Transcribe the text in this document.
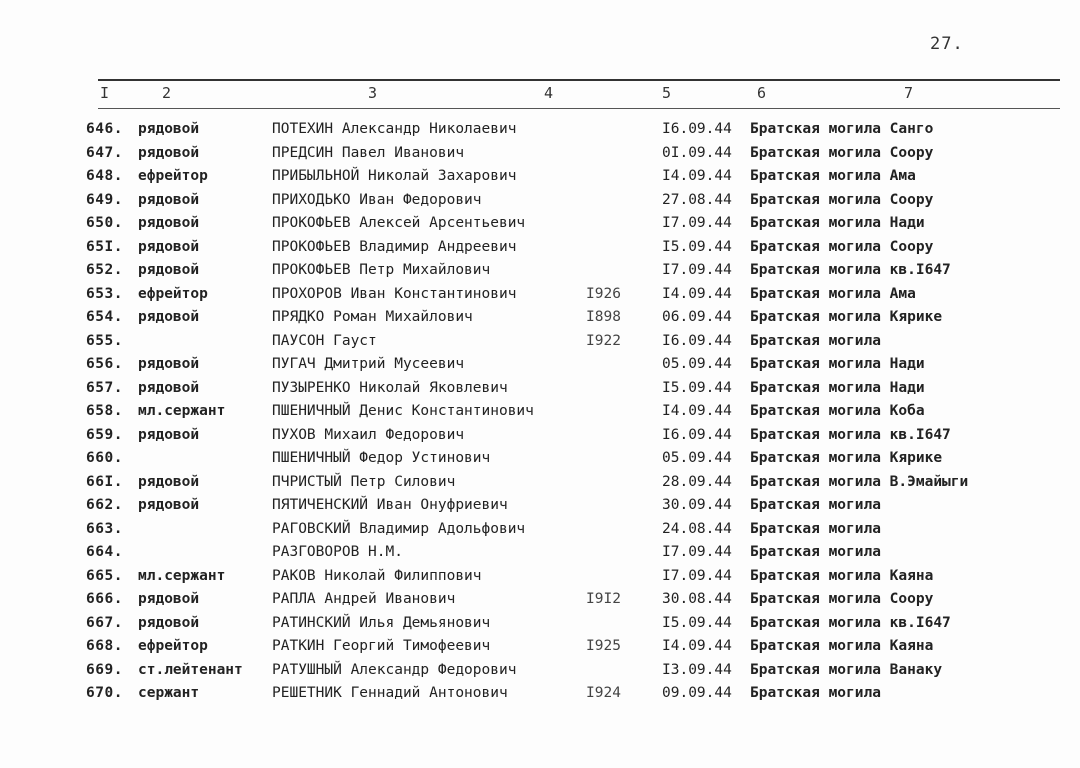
27.
I	2	3	4	5	6	7
646. рядовой	ПОТЕХИН Александр Николаевич	I6.09.44 Братская могила Санго
647. рядовой	ПРЕДСИН Павел Иванович	0I.09.44 Братская могила Соору
648. ефрейтор	ПРИБЫЛЬНОЙ Николай Захарович	I4.09.44 Братская могила Ама
649. рядовой	ПРИХОДЬКО Иван Федорович	27.08.44 Братская могила Соору
650. рядовой	ПРОКОФЬЕВ Алексей Арсентьевич	I7.09.44 Братская могила Нади
65I. рядовой	ПРОКОФЬЕВ Владимир Андреевич	I5.09.44 Братская могила Соору
652. рядовой	ПРОКОФЬЕВ Петр Михайлович	I7.09.44 Братская могила кв.I647
653. ефрейтор	ПРОХОРОВ Иван Константинович	I926	I4.09.44 Братская могила Ама
654. рядовой	ПРЯДКО Роман Михайлович	I898	06.09.44 Братская могила Кярике
655.	ПАУСОН Гауст	I922	I6.09.44 Братская могила
656. рядовой	ПУГАЧ Дмитрий Мусеевич	05.09.44 Братская могила Нади
657. рядовой	ПУЗЫРЕНКО Николай Яковлевич	I5.09.44 Братская могила Нади
658. мл.сержант	ПШЕНИЧНЫЙ Денис Константинович	I4.09.44 Братская могила Коба
659. рядовой	ПУХОВ Михаил Федорович	I6.09.44 Братская могила кв.I647
660.	ПШЕНИЧНЫЙ Федор Устинович	05.09.44 Братская могила Кярике
66I. рядовой	ПЧРИСТЫЙ Петр Силович	28.09.44 Братская могила В.Эмайыги
662. рядовой	ПЯТИЧЕНСКИЙ Иван Онуфриевич	30.09.44 Братская могила
663.	РАГОВСКИЙ Владимир Адольфович	24.08.44 Братская могила
664.	РАЗГОВОРОВ Н.М.	I7.09.44 Братская могила
665. мл.сержант	РАКОВ Николай Филиппович	I7.09.44 Братская могила Каяна
666. рядовой	РАПЛА Андрей Иванович	I9I2	30.08.44 Братская могила Соору
667. рядовой	РАТИНСКИЙ Илья Демьянович	I5.09.44 Братская могила кв.I647
668. ефрейтор	РАТКИН Георгий Тимофеевич	I925	I4.09.44 Братская могила Каяна
669. ст.лейтенант РАТУШНЫЙ Александр Федорович	I3.09.44 Братская могила Ванаку
670. сержант	РЕШЕТНИК Геннадий Антонович	I924	09.09.44 Братская могила
